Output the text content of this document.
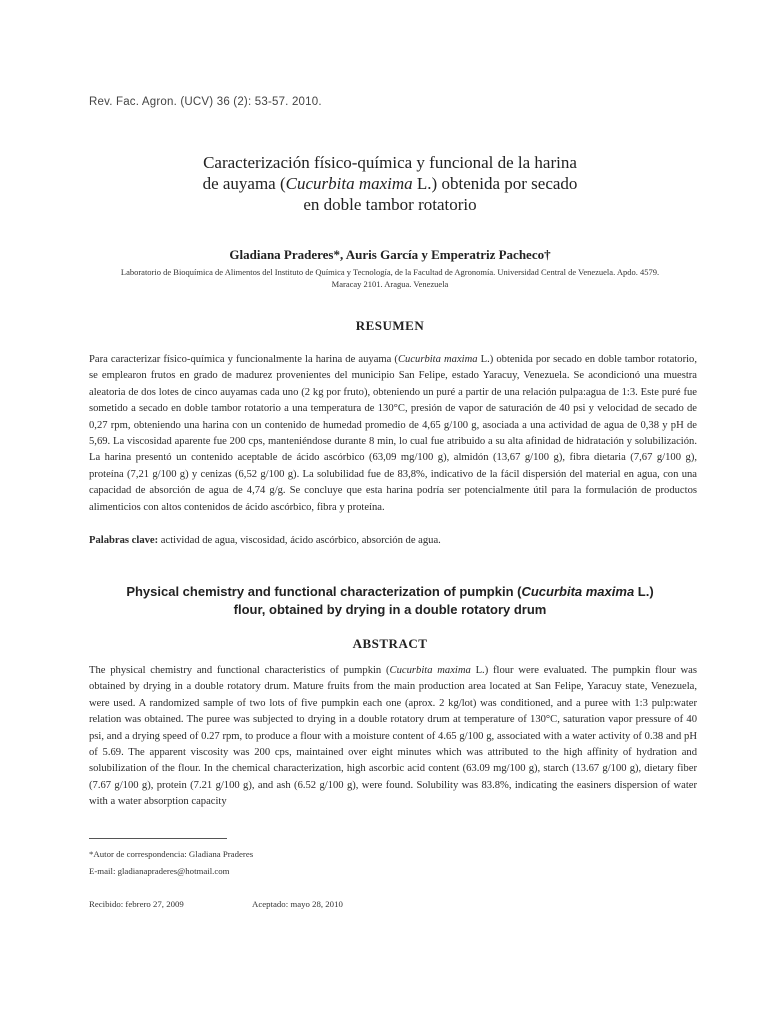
Rev. Fac. Agron. (UCV) 36 (2): 53-57. 2010.
Caracterización físico-química y funcional de la harina
de auyama (Cucurbita maxima L.) obtenida por secado
en doble tambor rotatorio
Gladiana Praderes*, Auris García y Emperatriz Pacheco†
Laboratorio de Bioquímica de Alimentos del Instituto de Química y Tecnología, de la Facultad de Agronomía. Universidad Central de Venezuela. Apdo. 4579. Maracay 2101. Aragua. Venezuela
RESUMEN
Para caracterizar físico-química y funcionalmente la harina de auyama (Cucurbita maxima L.) obtenida por secado en doble tambor rotatorio, se emplearon frutos en grado de madurez provenientes del municipio San Felipe, estado Yaracuy, Venezuela. Se acondicionó una muestra aleatoria de dos lotes de cinco auyamas cada uno (2 kg por fruto), obteniendo un puré a partir de una relación pulpa:agua de 1:3. Este puré fue sometido a secado en doble tambor rotatorio a una temperatura de 130°C, presión de vapor de saturación de 40 psi y velocidad de secado de 0,27 rpm, obteniendo una harina con un contenido de humedad promedio de 4,65 g/100 g, asociada a una actividad de agua de 0,38 y pH de 5,69. La viscosidad aparente fue 200 cps, manteniéndose durante 8 min, lo cual fue atribuido a su alta afinidad de hidratación y solubilización. La harina presentó un contenido aceptable de ácido ascórbico (63,09 mg/100 g), almidón (13,67 g/100 g), fibra dietaria (7,67 g/100 g), proteína (7,21 g/100 g) y cenizas (6,52 g/100 g). La solubilidad fue de 83,8%, indicativo de la fácil dispersión del material en agua, con una capacidad de absorción de agua de 4,74 g/g. Se concluye que esta harina podría ser potencialmente útil para la formulación de productos alimenticios con altos contenidos de ácido ascórbico, fibra y proteína.
Palabras clave: actividad de agua, viscosidad, ácido ascórbico, absorción de agua.
Physical chemistry and functional characterization of pumpkin (Cucurbita maxima L.)
flour, obtained by drying in a double rotatory drum
ABSTRACT
The physical chemistry and functional characteristics of pumpkin (Cucurbita maxima L.) flour were evaluated. The pumpkin flour was obtained by drying in a double rotatory drum. Mature fruits from the main production area located at San Felipe, Yaracuy state, Venezuela, were used. A randomized sample of two lots of five pumpkin each one (aprox. 2 kg/lot) was conditioned, and a puree with 1:3 pulp:water relation was obtained. The puree was subjected to drying in a double rotatory drum at temperature of 130°C, saturation vapor pressure of 40 psi, and a drying speed of 0.27 rpm, to produce a flour with a moisture content of 4.65 g/100 g, associated with a water activity of 0.38 and pH of 5.69. The apparent viscosity was 200 cps, maintained over eight minutes which was attributed to the high affinity of hydration and solubilization of the flour. In the chemical characterization, high ascorbic acid content (63.09 mg/100 g), starch (13.67 g/100 g), dietary fiber (7.67 g/100 g), protein (7.21 g/100 g), and ash (6.52 g/100 g), were found. Solubility was 83.8%, indicating the easiners dispersion of water with a water absorption capacity
*Autor de correspondencia: Gladiana Praderes
E-mail: gladianapraderes@hotmail.com
Recibido: febrero 27, 2009	Aceptado: mayo 28, 2010
